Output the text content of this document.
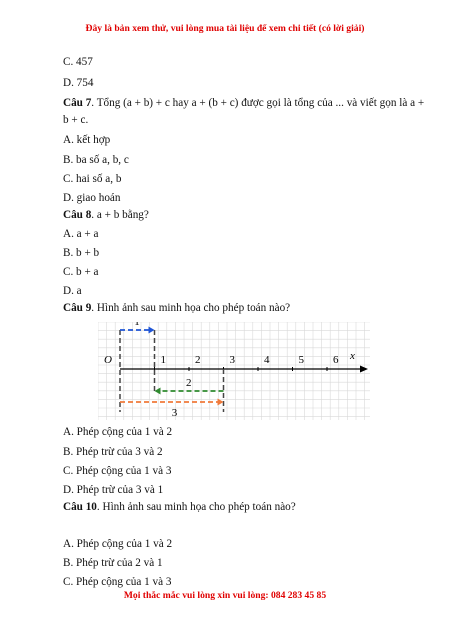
Đây là bản xem thử, vui lòng mua tài liệu để xem chi tiết (có lời giải)
C. 457
D. 754
Câu 7. Tổng (a + b) + c hay a + (b + c) được gọi là tổng của ... và viết gọn là a +
b + c.
A. kết hợp
B. ba số a, b, c
C. hai số a, b
D. giao hoán
Câu 8. a + b bằng?
A. a + a
B. b + b
C. b + a
D. a
Câu 9. Hình ảnh sau minh họa cho phép toán nào?
O	x
1	2	3	4	5	6
1
2
3
A. Phép cộng của 1 và 2
B. Phép trừ của 3 và 2
C. Phép cộng của 1 và 3
D. Phép trừ của 3 và 1
Câu 10. Hình ảnh sau minh họa cho phép toán nào?
A. Phép cộng của 1 và 2
B. Phép trừ của 2 và 1
C. Phép cộng của 1 và 3
Mọi thắc mắc vui lòng xin vui lòng: 084 283 45 85
